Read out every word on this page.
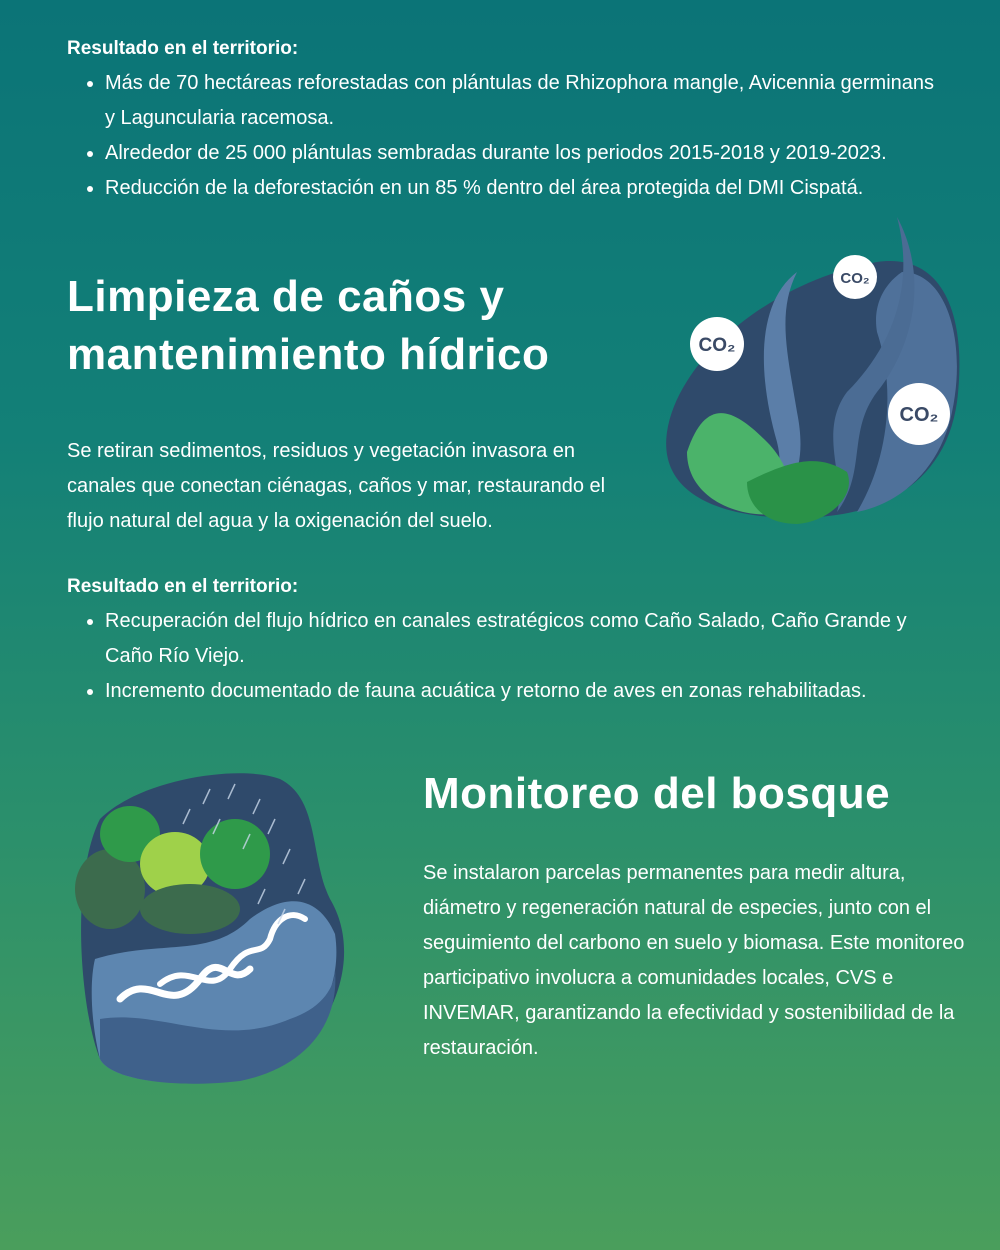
Resultado en el territorio:
• Más de 70 hectáreas reforestadas con plántulas de Rhizophora mangle, Avicennia germinans y Laguncularia racemosa.
• Alrededor de 25 000 plántulas sembradas durante los periodos 2015-2018 y 2019-2023.
• Reducción de la deforestación en un 85 % dentro del área protegida del DMI Cispatá.
Limpieza de caños y mantenimiento hídrico

Se retiran sedimentos, residuos y vegetación invasora en canales que conectan ciénagas, caños y mar, restaurando el flujo natural del agua y la oxigenación del suelo.

CO₂
CO₂
CO₂
Resultado en el territorio:
• Recuperación del flujo hídrico en canales estratégicos como Caño Salado, Caño Grande y Caño Río Viejo.
• Incremento documentado de fauna acuática y retorno de aves en zonas rehabilitadas.
Monitoreo del bosque

Se instalaron parcelas permanentes para medir altura, diámetro y regeneración natural de especies, junto con el seguimiento del carbono en suelo y biomasa. Este monitoreo participativo involucra a comunidades locales, CVS e INVEMAR, garantizando la efectividad y sostenibilidad de la restauración.
